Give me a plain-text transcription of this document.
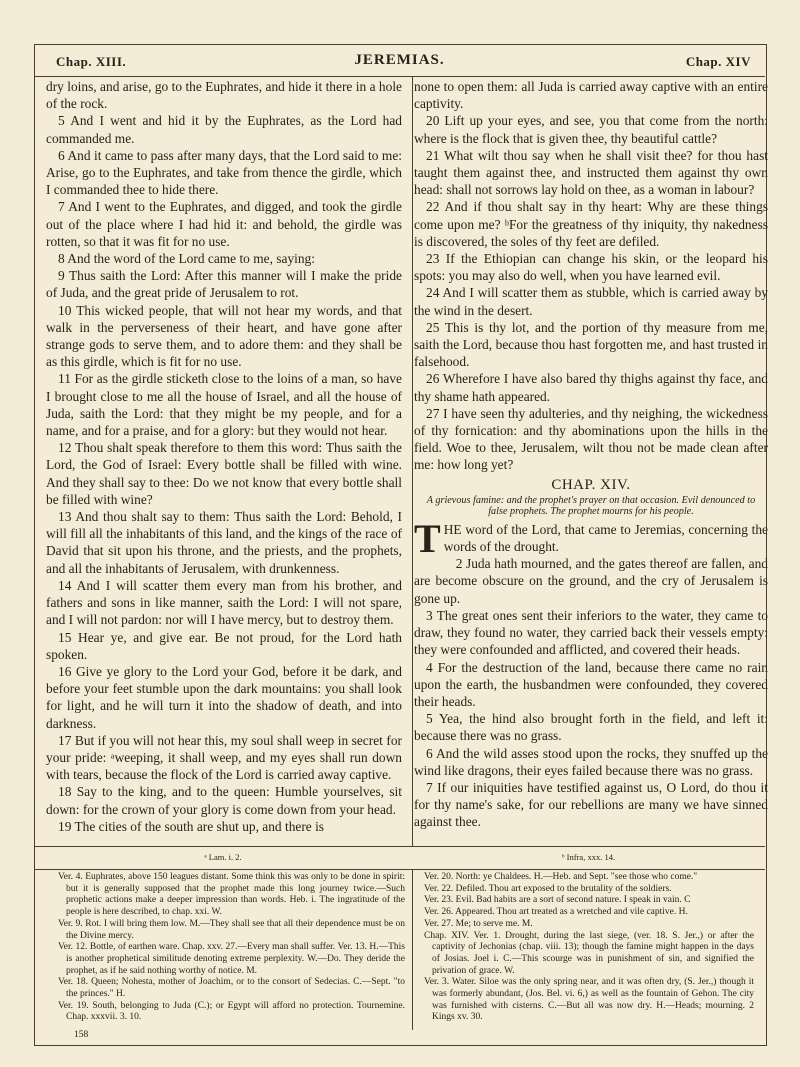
Chap. XIII.	JEREMIAS.	Chap. XIV

dry loins, and arise, go to the Euphrates, and hide it there in a hole of the rock.

5 And I went and hid it by the Euphrates, as the Lord had commanded me.

6 And it came to pass after many days, that the Lord said to me: Arise, go to the Euphrates, and take from thence the girdle, which I commanded thee to hide there.

7 And I went to the Euphrates, and digged, and took the girdle out of the place where I had hid it: and behold, the girdle was rotten, so that it was fit for no use.

8 And the word of the Lord came to me, saying:

9 Thus saith the Lord: After this manner will I make the pride of Juda, and the great pride of Jerusalem to rot.

10 This wicked people, that will not hear my words, and that walk in the perverseness of their heart, and have gone after strange gods to serve them, and to adore them: and they shall be as this girdle, which is fit for no use.

11 For as the girdle sticketh close to the loins of a man, so have I brought close to me all the house of Israel, and all the house of Juda, saith the Lord: that they might be my people, and for a name, and for a praise, and for a glory: but they would not hear.

12 Thou shalt speak therefore to them this word: Thus saith the Lord, the God of Israel: Every bottle shall be filled with wine. And they shall say to thee: Do we not know that every bottle shall be filled with wine?

13 And thou shalt say to them: Thus saith the Lord: Behold, I will fill all the inhabitants of this land, and the kings of the race of David that sit upon his throne, and the priests, and the prophets, and all the inhabitants of Jerusalem, with drunkenness.

14 And I will scatter them every man from his brother, and fathers and sons in like manner, saith the Lord: I will not spare, and I will not pardon: nor will I have mercy, but to destroy them.

15 Hear ye, and give ear. Be not proud, for the Lord hath spoken.

16 Give ye glory to the Lord your God, before it be dark, and before your feet stumble upon the dark mountains: you shall look for light, and he will turn it into the shadow of death, and into darkness.

17 But if you will not hear this, my soul shall weep in secret for your pride: ᵃweeping, it shall weep, and my eyes shall run down with tears, because the flock of the Lord is carried away captive.

18 Say to the king, and to the queen: Humble yourselves, sit down: for the crown of your glory is come down from your head.

19 The cities of the south are shut up, and there is

none to open them: all Juda is carried away captive with an entire captivity.

20 Lift up your eyes, and see, you that come from the north: where is the flock that is given thee, thy beautiful cattle?

21 What wilt thou say when he shall visit thee? for thou hast taught them against thee, and instructed them against thy own head: shall not sorrows lay hold on thee, as a woman in labour?

22 And if thou shalt say in thy heart: Why are these things come upon me? ᵇFor the greatness of thy iniquity, thy nakedness is discovered, the soles of thy feet are defiled.

23 If the Ethiopian can change his skin, or the leopard his spots: you may also do well, when you have learned evil.

24 And I will scatter them as stubble, which is carried away by the wind in the desert.

25 This is thy lot, and the portion of thy measure from me, saith the Lord, because thou hast forgotten me, and hast trusted in falsehood.

26 Wherefore I have also bared thy thighs against thy face, and thy shame hath appeared.

27 I have seen thy adulteries, and thy neighing, the wickedness of thy fornication: and thy abominations upon the hills in the field. Woe to thee, Jerusalem, wilt thou not be made clean after me: how long yet?

CHAP. XIV.
A grievous famine: and the prophet's prayer on that occasion. Evil denounced to false prophets. The prophet mourns for his people.

THE word of the Lord, that came to Jeremias, concerning the words of the drought.

2 Juda hath mourned, and the gates thereof are fallen, and are become obscure on the ground, and the cry of Jerusalem is gone up.

3 The great ones sent their inferiors to the water, they came to draw, they found no water, they carried back their vessels empty: they were confounded and afflicted, and covered their heads.

4 For the destruction of the land, because there came no rain upon the earth, the husbandmen were confounded, they covered their heads.

5 Yea, the hind also brought forth in the field, and left it: because there was no grass.

6 And the wild asses stood upon the rocks, they snuffed up the wind like dragons, their eyes failed because there was no grass.

7 If our iniquities have testified against us, O Lord, do thou it for thy name's sake, for our rebellions are many we have sinned against thee.

ᵃ Lam. i. 2.	ᵇ Infra, xxx. 14.

Ver. 4. Euphrates, above 150 leagues distant. Some think this was only to be done in spirit: but it is generally supposed that the prophet made this long journey twice.—Such prophetic actions make a deeper impression than words. Heb. i. The ingratitude of the people is here described, to chap. xxi. W.

Ver. 9. Rot. I will bring them low. M.—They shall see that all their dependence must be on the Divine mercy.

Ver. 12. Bottle, of earthen ware. Chap. xxv. 27.—Every man shall suffer. Ver. 13. H.—This is another prophetical similitude denoting extreme perplexity. W.—Do. They deride the prophet, as if he said nothing worthy of notice. M.

Ver. 18. Queen; Nohesta, mother of Joachim, or to the consort of Sedecias. C.—Sept. "to the princes." H.

Ver. 19. South, belonging to Juda (C.); or Egypt will afford no protection. Tournemine. Chap. xxxvii. 3. 10.

Ver. 20. North: ye Chaldees. H.—Heb. and Sept. "see those who come."

Ver. 22. Defiled. Thou art exposed to the brutality of the soldiers.

Ver. 23. Evil. Bad habits are a sort of second nature. I speak in vain. C

Ver. 26. Appeared. Thou art treated as a wretched and vile captive. H.

Ver. 27. Me; to serve me. M.

Chap. XIV. Ver. 1. Drought, during the last siege, (ver. 18. S. Jer.,) or after the captivity of Jechonias (chap. viii. 13); though the famine might happen in the days of Josias. Joel i. C.—This scourge was in punishment of sin, and signified the privation of grace. W.

Ver. 3. Water. Siloe was the only spring near, and it was often dry, (S. Jer.,) though it was formerly abundant, (Jos. Bel. vi. 6,) as well as the fountain of Gehon. The city was furnished with cisterns. C.—But all was now dry. H.—Heads; mourning. 2 Kings xv. 30.

158
